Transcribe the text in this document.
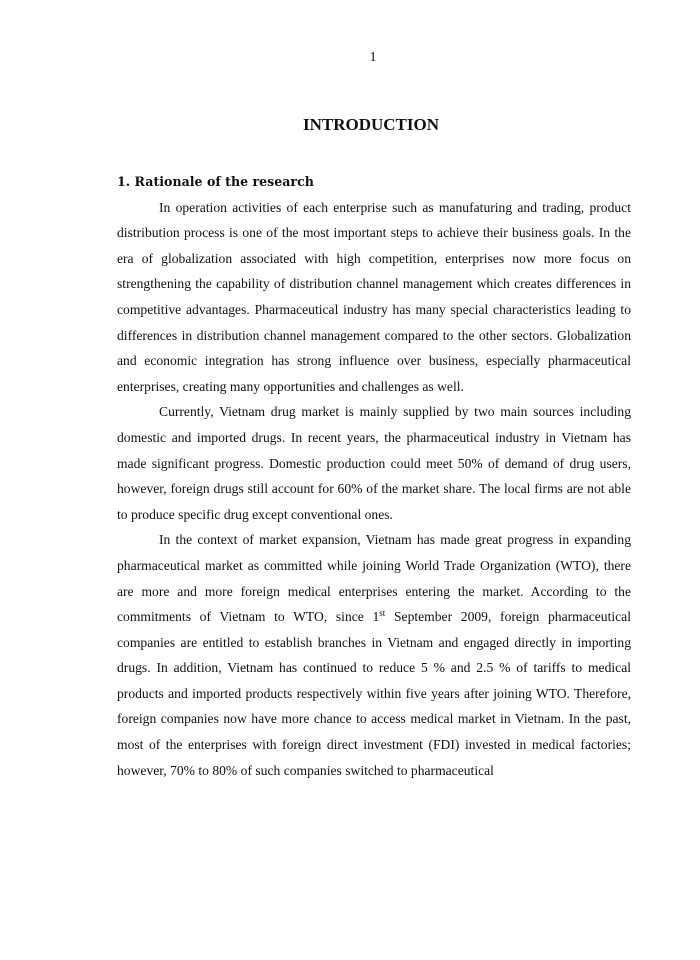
1
INTRODUCTION
1. Rationale of the research

In operation activities of each enterprise such as manufaturing and trading, product distribution process is one of the most important steps to achieve their business goals. In the era of globalization associated with high competition, enterprises now more focus on strengthening the capability of distribution channel management which creates differences in competitive advantages. Pharmaceutical industry has many special characteristics leading to differences in distribution channel management compared to the other sectors. Globalization and economic integration has strong influence over business, especially pharmaceutical enterprises, creating many opportunities and challenges as well.

Currently, Vietnam drug market is mainly supplied by two main sources including domestic and imported drugs. In recent years, the pharmaceutical industry in Vietnam has made significant progress. Domestic production could meet 50% of demand of drug users, however, foreign drugs still account for 60% of the market share. The local firms are not able to produce specific drug except conventional ones.

In the context of market expansion, Vietnam has made great progress in expanding pharmaceutical market as committed while joining World Trade Organization (WTO), there are more and more foreign medical enterprises entering the market. According to the commitments of Vietnam to WTO, since 1st September 2009, foreign pharmaceutical companies are entitled to establish branches in Vietnam and engaged directly in importing drugs. In addition, Vietnam has continued to reduce 5 % and 2.5 % of tariffs to medical products and imported products respectively within five years after joining WTO. Therefore, foreign companies now have more chance to access medical market in Vietnam. In the past, most of the enterprises with foreign direct investment (FDI) invested in medical factories; however, 70% to 80% of such companies switched to pharmaceutical
